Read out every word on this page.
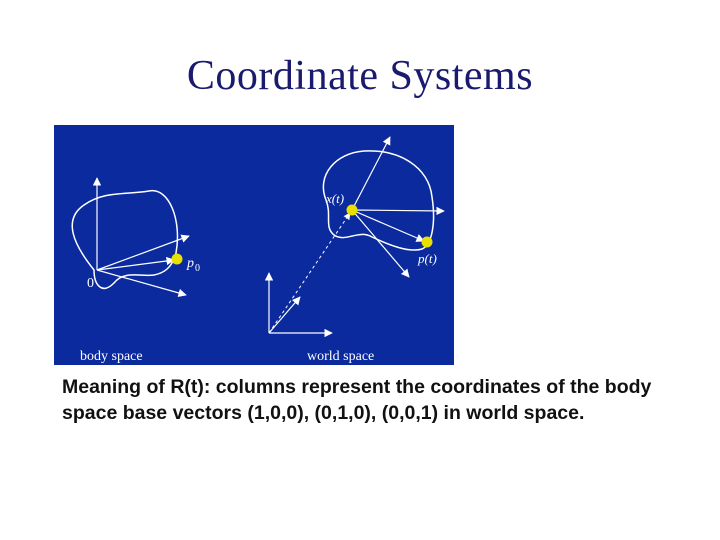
Coordinate Systems
0
p 0
x(t)
p(t)
body space	world space
Meaning of R(t): columns represent the coordinates of the body space base vectors (1,0,0), (0,1,0), (0,0,1) in world space.
